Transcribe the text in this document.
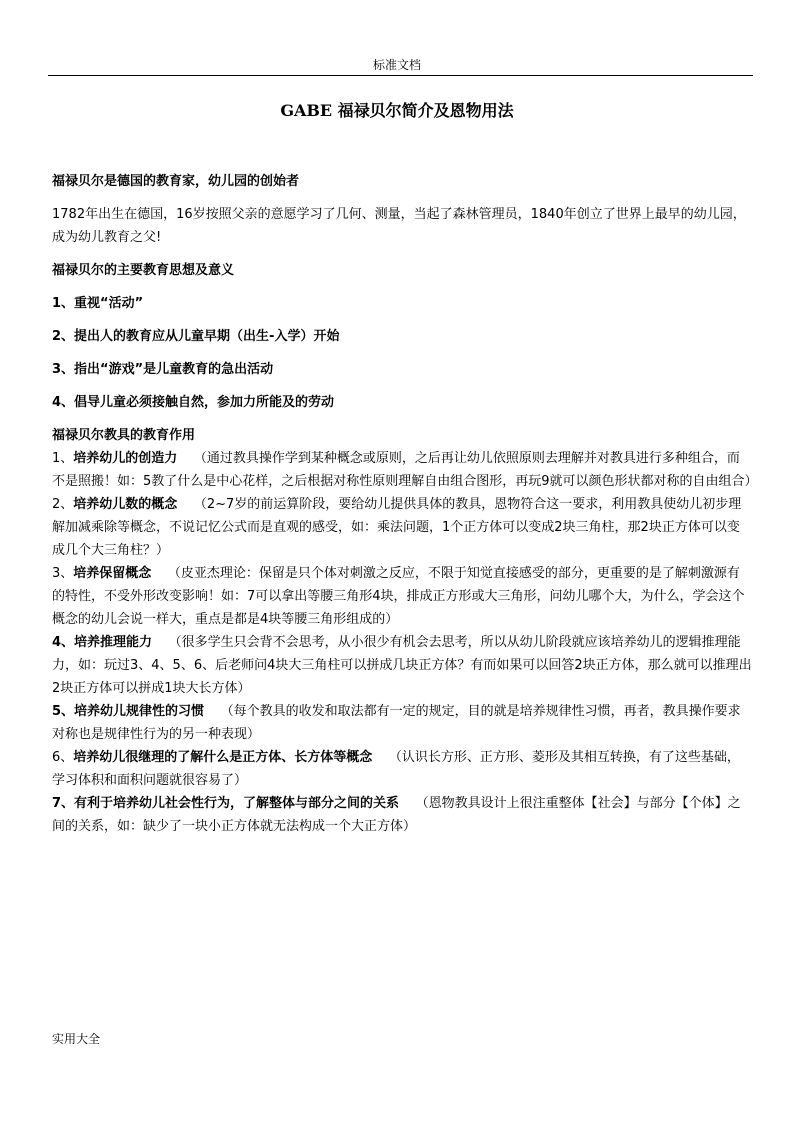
标准文档
GABE 福禄贝尔简介及恩物用法

福禄贝尔是德国的教育家，幼儿园的创始者

1782年出生在德国，16岁按照父亲的意愿学习了几何、测量，当起了森林管理员，1840年创立了世界上最早的幼儿园，成为幼儿教育之父!

福禄贝尔的主要教育思想及意义

1、重视“活动”

2、提出人的教育应从儿童早期（出生-入学）开始

3、指出“游戏”是儿童教育的急出活动

4、倡导儿童必须接触自然，参加力所能及的劳动

福禄贝尔教具的教育作用

1、培养幼儿的创造力 （通过教具操作学到某种概念或原则，之后再让幼儿依照原则去理解并对教具进行多种组合，而不是照搬！如：5教了什么是中心花样，之后根据对称性原则理解自由组合图形，再玩9就可以颜色形状都对称的自由组合）

2、培养幼儿数的概念 （2~7岁的前运算阶段，要给幼儿提供具体的教具，恩物符合这一要求，利用教具使幼儿初步理解加减乘除等概念，不说记忆公式而是直观的感受，如：乘法问题，1个正方体可以变成2块三角柱，那2块正方体可以变成几个大三角柱？）

3、培养保留概念 （皮亚杰理论：保留是只个体对刺激之反应，不限于知觉直接感受的部分，更重要的是了解刺激源有的特性，不受外形改变影响！如：7可以拿出等腰三角形4块，排成正方形或大三角形，问幼儿哪个大，为什么，学会这个概念的幼儿会说一样大，重点是都是4块等腰三角形组成的）

4、培养推理能力 （很多学生只会背不会思考，从小很少有机会去思考，所以从幼儿阶段就应该培养幼儿的逻辑推理能力，如：玩过3、4、5、6、后老师问4块大三角柱可以拼成几块正方体？有而如果可以回答2块正方体，那么就可以推理出2块正方体可以拼成1块大长方体）

5、培养幼儿规律性的习惯 （每个教具的收发和取法都有一定的规定，目的就是培养规律性习惯，再者，教具操作要求对称也是规律性行为的另一种表现）

6、培养幼儿很继理的了解什么是正方体、长方体等概念 （认识长方形、正方形、菱形及其相互转换，有了这些基础，学习体积和面积问题就很容易了）

7、有利于培养幼儿社会性行为，了解整体与部分之间的关系 （恩物教具设计上很注重整体【社会】与部分【个体】之间的关系，如：缺少了一块小正方体就无法构成一个大正方体）

实用大全
